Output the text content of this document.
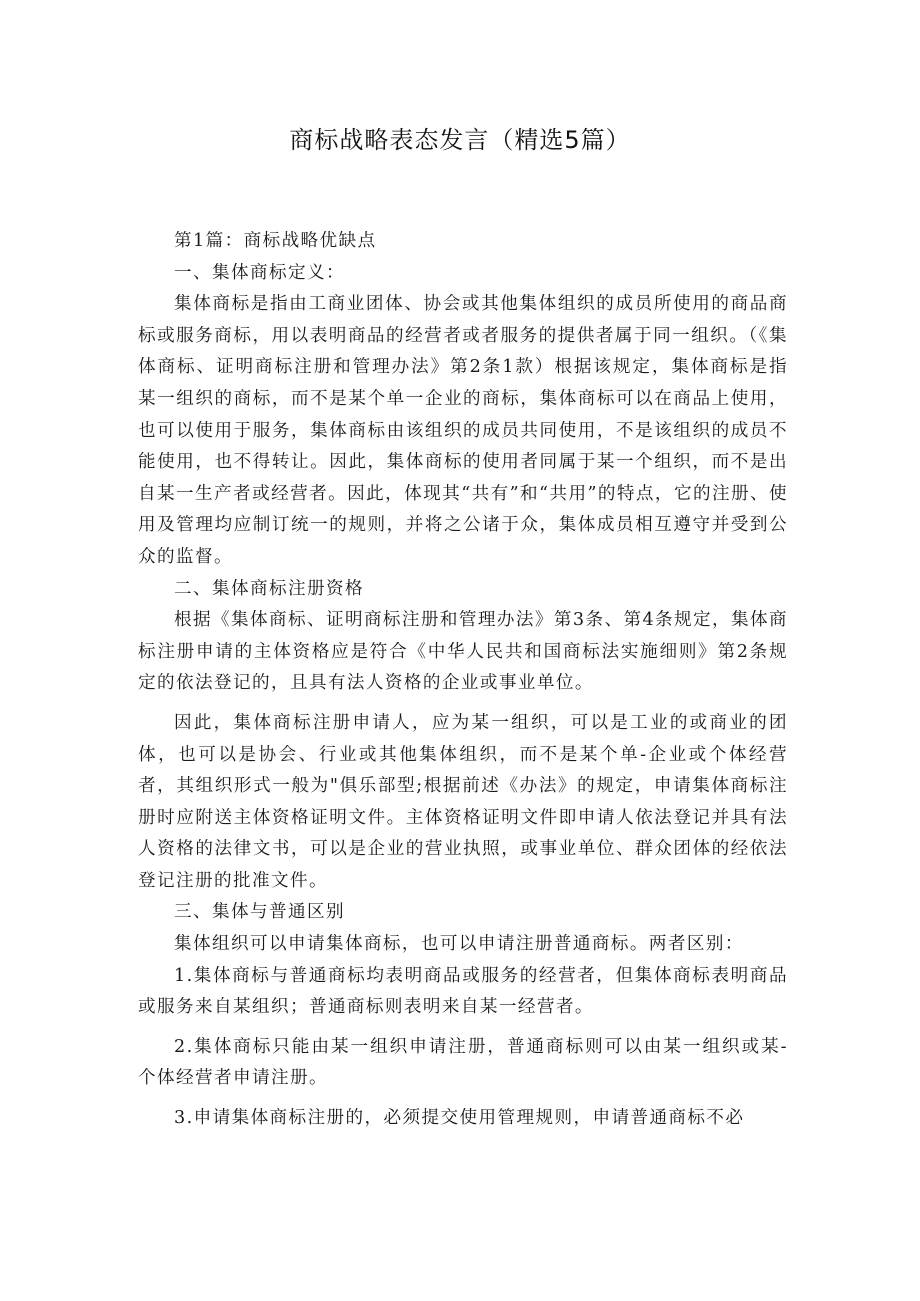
商标战略表态发言（精选5篇）

第1篇：商标战略优缺点

一、集体商标定义：

集体商标是指由工商业团体、协会或其他集体组织的成员所使用的商品商标或服务商标，用以表明商品的经营者或者服务的提供者属于同一组织。（《集体商标、证明商标注册和管理办法》第2条1款）根据该规定，集体商标是指某一组织的商标，而不是某个单一企业的商标，集体商标可以在商品上使用，也可以使用于服务，集体商标由该组织的成员共同使用，不是该组织的成员不能使用，也不得转让。因此，集体商标的使用者同属于某一个组织，而不是出自某一生产者或经营者。因此，体现其“共有”和“共用”的特点，它的注册、使用及管理均应制订统一的规则，并将之公诸于众，集体成员相互遵守并受到公众的监督。

二、集体商标注册资格

根据《集体商标、证明商标注册和管理办法》第3条、第4条规定，集体商标注册申请的主体资格应是符合《中华人民共和国商标法实施细则》第2条规定的依法登记的，且具有法人资格的企业或事业单位。

因此，集体商标注册申请人，应为某一组织，可以是工业的或商业的团体，也可以是协会、行业或其他集体组织，而不是某个单-企业或个体经营者，其组织形式一般为"俱乐部型;根据前述《办法》的规定，申请集体商标注册时应附送主体资格证明文件。主体资格证明文件即申请人依法登记并具有法人资格的法律文书，可以是企业的营业执照，或事业单位、群众团体的经依法登记注册的批准文件。

三、集体与普通区别

集体组织可以申请集体商标，也可以申请注册普通商标。两者区别：

1.集体商标与普通商标均表明商品或服务的经营者，但集体商标表明商品或服务来自某组织；普通商标则表明来自某一经营者。

2.集体商标只能由某一组织申请注册，普通商标则可以由某一组织或某-个体经营者申请注册。

3.申请集体商标注册的，必须提交使用管理规则，申请普通商标不必
